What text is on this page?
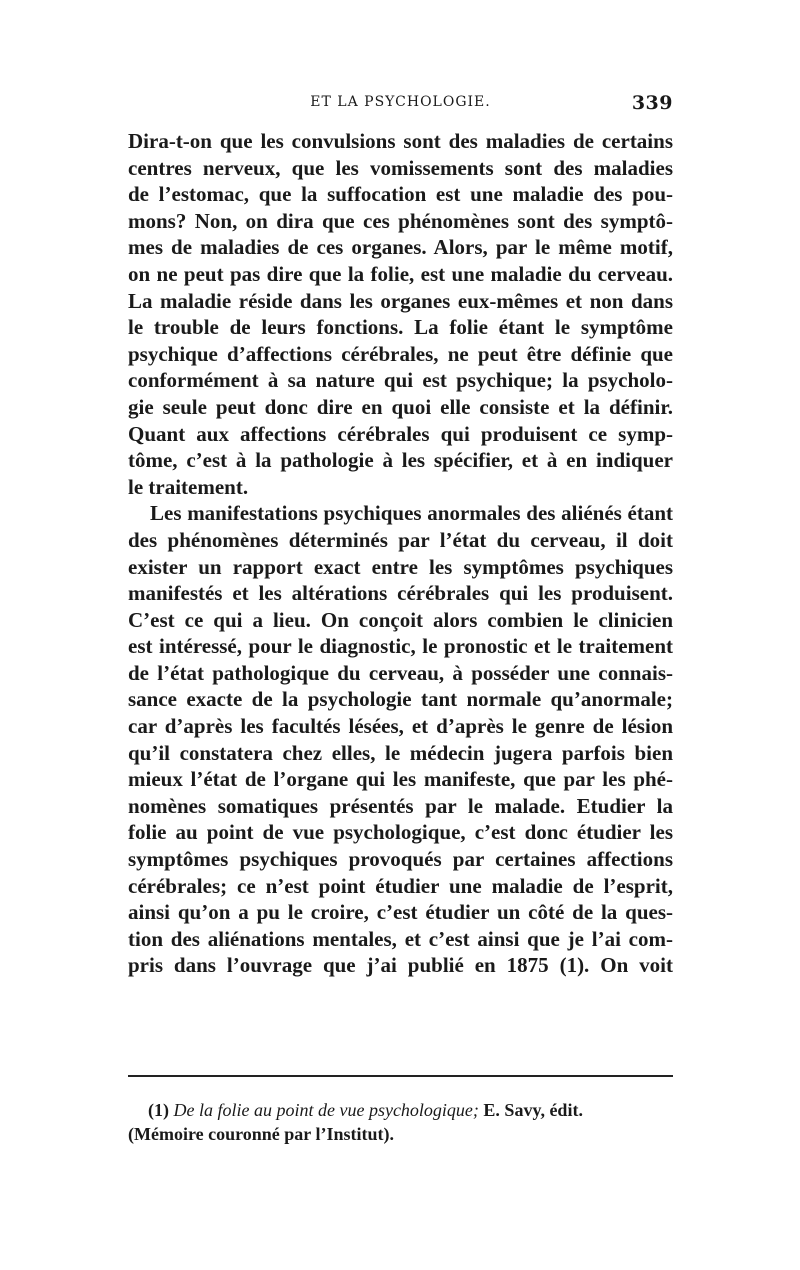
ET LA PSYCHOLOGIE.	339
Dira-t-on que les convulsions sont des maladies de certains
centres nerveux, que les vomissements sont des maladies
de l’estomac, que la suffocation est une maladie des pou-
mons? Non, on dira que ces phénomènes sont des symptô-
mes de maladies de ces organes. Alors, par le même motif,
on ne peut pas dire que la folie, est une maladie du cerveau.
La maladie réside dans les organes eux-mêmes et non dans
le trouble de leurs fonctions. La folie étant le symptôme
psychique d’affections cérébrales, ne peut être définie que
conformément à sa nature qui est psychique; la psycholo-
gie seule peut donc dire en quoi elle consiste et la définir.
Quant aux affections cérébrales qui produisent ce symp-
tôme, c’est à la pathologie à les spécifier, et à en indiquer
le traitement.
Les manifestations psychiques anormales des aliénés étant
des phénomènes déterminés par l’état du cerveau, il doit
exister un rapport exact entre les symptômes psychiques
manifestés et les altérations cérébrales qui les produisent.
C’est ce qui a lieu. On conçoit alors combien le clinicien
est intéressé, pour le diagnostic, le pronostic et le traitement
de l’état pathologique du cerveau, à posséder une connais-
sance exacte de la psychologie tant normale qu’anormale;
car d’après les facultés lésées, et d’après le genre de lésion
qu’il constatera chez elles, le médecin jugera parfois bien
mieux l’état de l’organe qui les manifeste, que par les phé-
nomènes somatiques présentés par le malade. Etudier la
folie au point de vue psychologique, c’est donc étudier les
symptômes psychiques provoqués par certaines affections
cérébrales; ce n’est point étudier une maladie de l’esprit,
ainsi qu’on a pu le croire, c’est étudier un côté de la ques-
tion des aliénations mentales, et c’est ainsi que je l’ai com-
pris dans l’ouvrage que j’ai publié en 1875 (1). On voit
(1) De la folie au point de vue psychologique; E. Savy, édit.
(Mémoire couronné par l’Institut).
